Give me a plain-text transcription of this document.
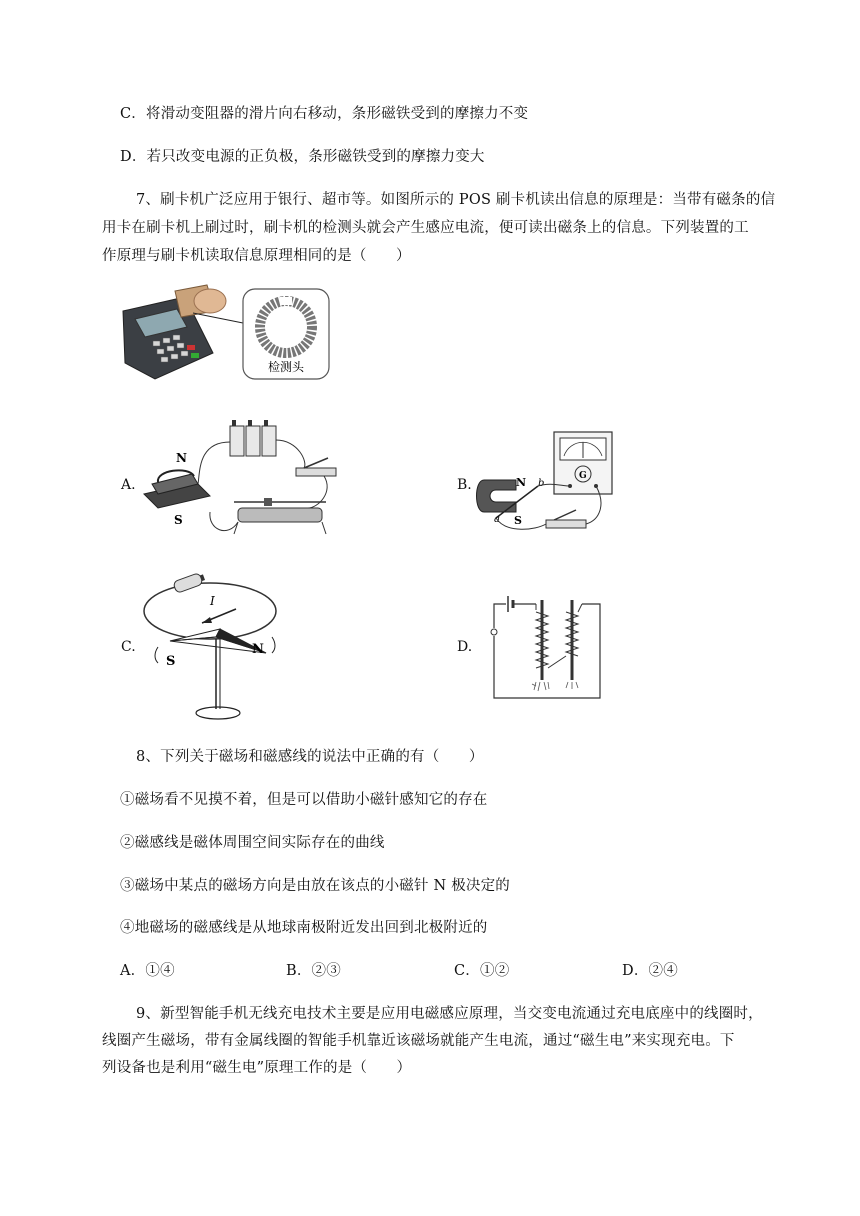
C．将滑动变阻器的滑片向右移动，条形磁铁受到的摩擦力不变
D．若只改变电源的正负极，条形磁铁受到的摩擦力变大
7、刷卡机广泛应用于银行、超市等。如图所示的 POS 刷卡机读出信息的原理是：当带有磁条的信
用卡在刷卡机上刷过时，刷卡机的检测头就会产生感应电流，便可读出磁条上的信息。下列装置的工
作原理与刷卡机读取信息原理相同的是（　　）
检测头
A.
N
S
B.
G
N
S
a
b
C.
I
S
N	D.
8、下列关于磁场和磁感线的说法中正确的有（　　）
①磁场看不见摸不着，但是可以借助小磁针感知它的存在
②磁感线是磁体周围空间实际存在的曲线
③磁场中某点的磁场方向是由放在该点的小磁针 N 极决定的
④地磁场的磁感线是从地球南极附近发出回到北极附近的
A．①④	B．②③	C．①②	D．②④
9、新型智能手机无线充电技术主要是应用电磁感应原理，当交变电流通过充电底座中的线圈时，
线圈产生磁场，带有金属线圈的智能手机靠近该磁场就能产生电流，通过“磁生电”来实现充电。下
列设备也是利用“磁生电”原理工作的是（　　）
